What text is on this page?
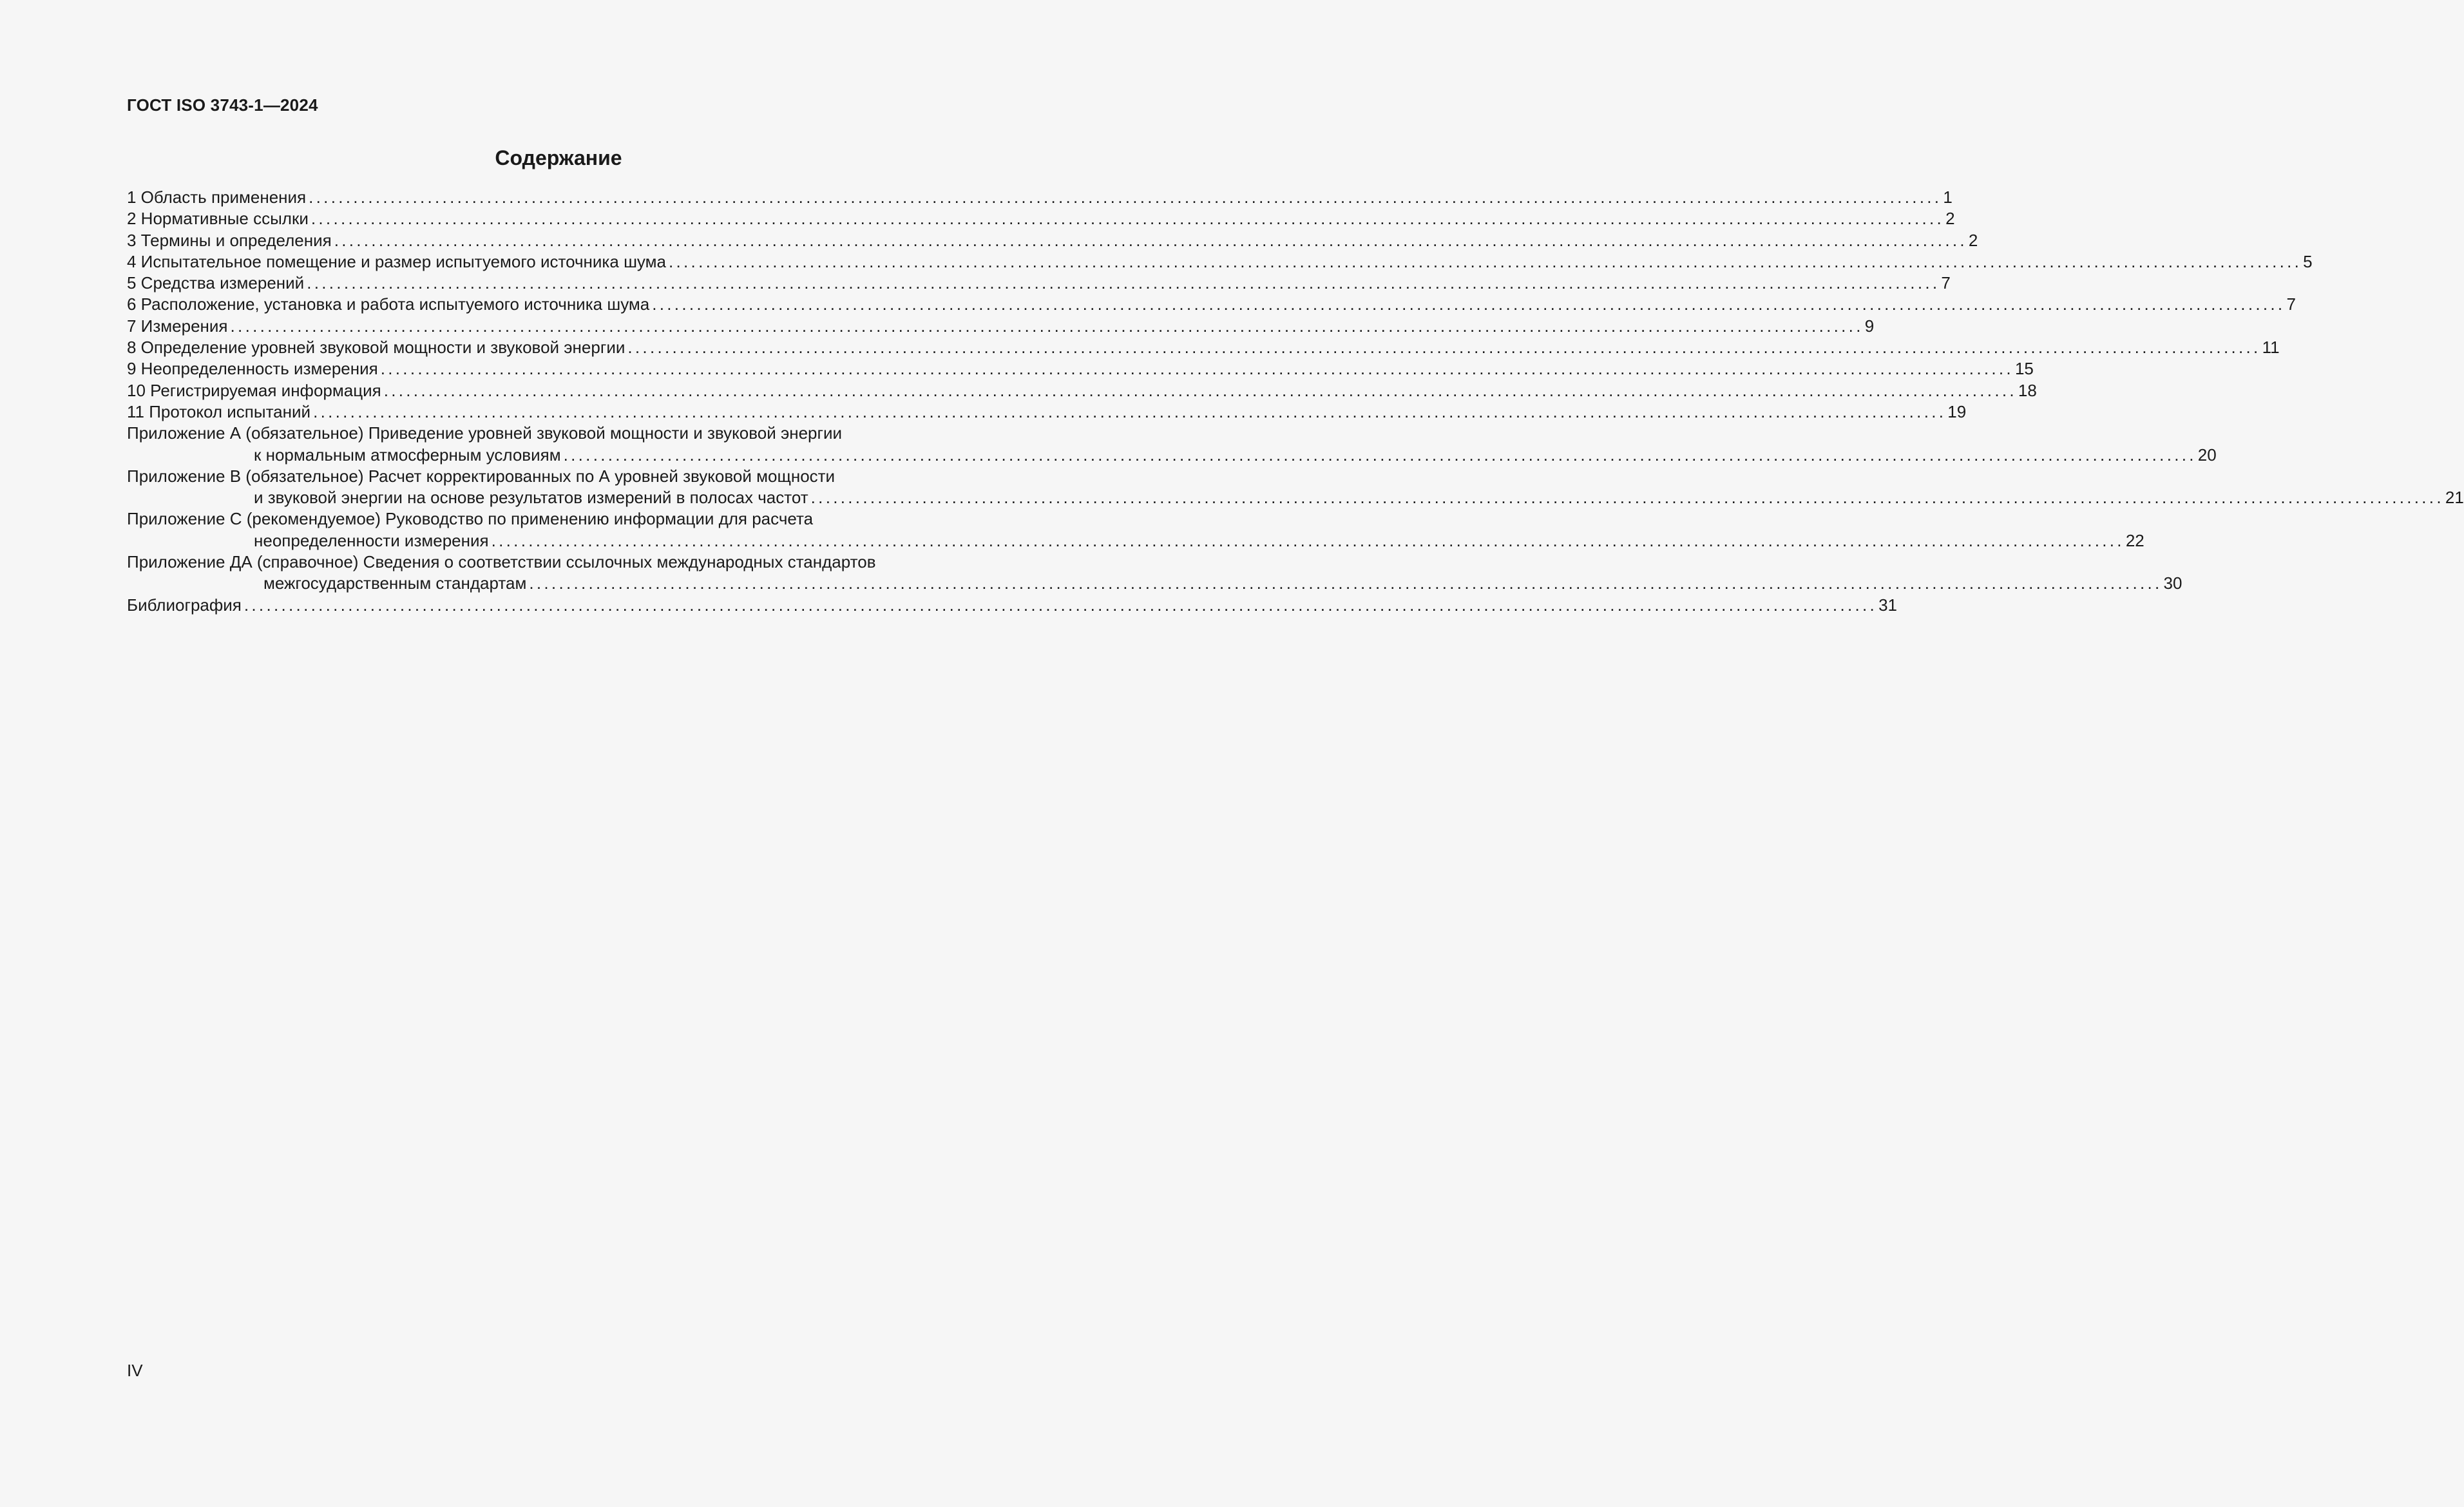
ГОСТ ISO 3743-1—2024
Содержание
1 Область применения ............................................................................................................................................................................................................................ 1
2 Нормативные ссылки ............................................................................................................................................................................................................................ 2
3 Термины и определения ............................................................................................................................................................................................................................ 2
4 Испытательное помещение и размер испытуемого источника шума ............................................................................................................................................................................................................................ 5
5 Средства измерений ............................................................................................................................................................................................................................ 7
6 Расположение, установка и работа испытуемого источника шума ............................................................................................................................................................................................................................ 7
7 Измерения ............................................................................................................................................................................................................................ 9
8 Определение уровней звуковой мощности и звуковой энергии ............................................................................................................................................................................................................................ 11
9 Неопределенность измерения ............................................................................................................................................................................................................................ 15
10 Регистрируемая информация ............................................................................................................................................................................................................................ 18
11 Протокол испытаний ............................................................................................................................................................................................................................ 19
Приложение А (обязательное) Приведение уровней звуковой мощности и звуковой энергии
к нормальным атмосферным условиям ............................................................................................................................................................................................................................ 20
Приложение В (обязательное) Расчет корректированных по А уровней звуковой мощности
и звуковой энергии на основе результатов измерений в полосах частот ............................................................................................................................................................................................................................ 21
Приложение С (рекомендуемое) Руководство по применению информации для расчета
неопределенности измерения ............................................................................................................................................................................................................................ 22
Приложение ДА (справочное) Сведения о соответствии ссылочных международных стандартов
межгосударственным стандартам ............................................................................................................................................................................................................................ 30
Библиография ............................................................................................................................................................................................................................ 31
IV
